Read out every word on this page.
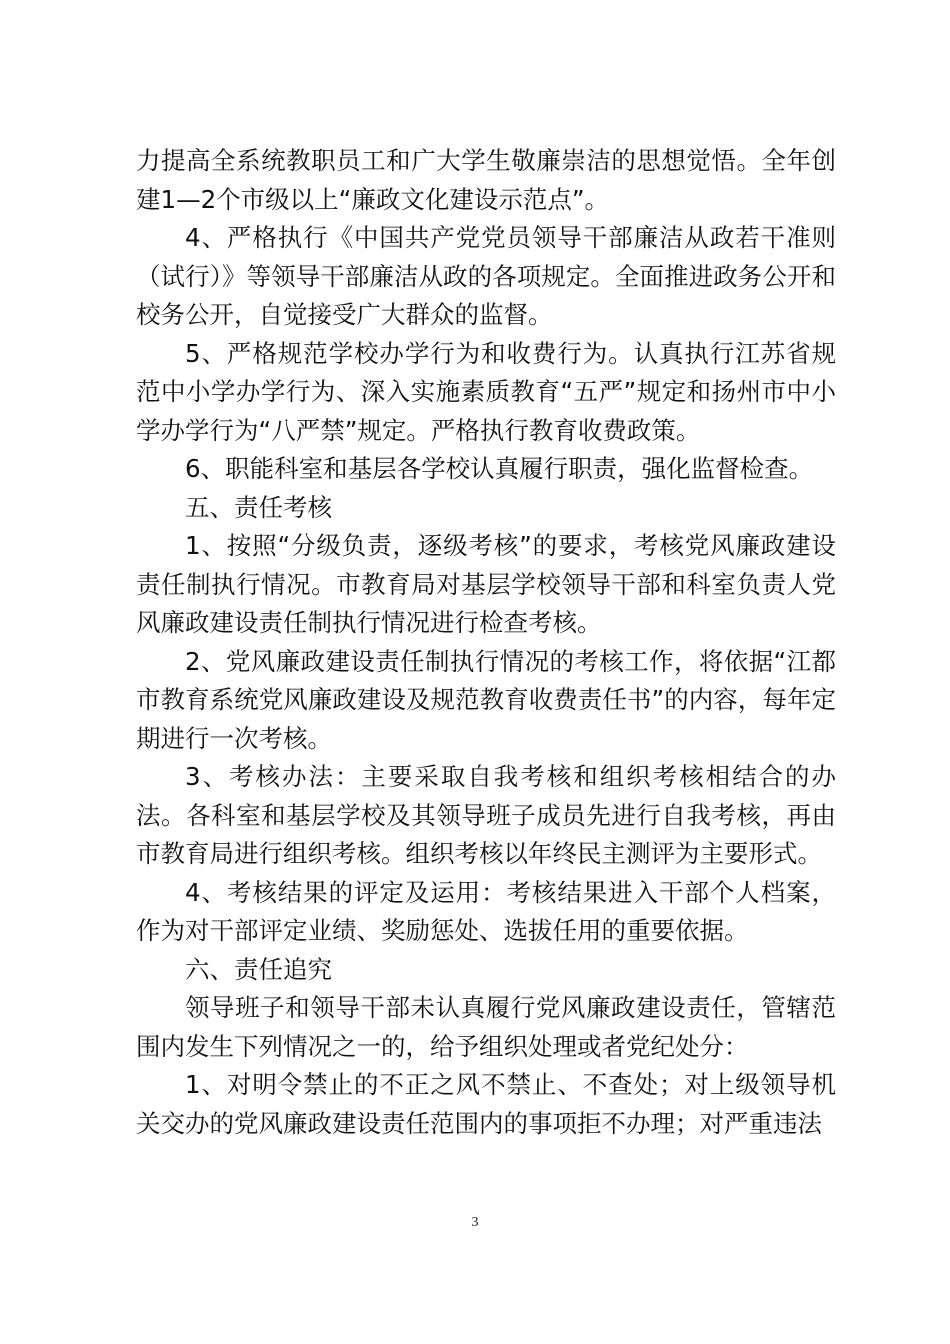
力提高全系统教职员工和广大学生敬廉崇洁的思想觉悟。全年创建1—2个市级以上“廉政文化建设示范点”。

4、严格执行《中国共产党党员领导干部廉洁从政若干准则（试行）》等领导干部廉洁从政的各项规定。全面推进政务公开和校务公开，自觉接受广大群众的监督。

5、严格规范学校办学行为和收费行为。认真执行江苏省规范中小学办学行为、深入实施素质教育“五严”规定和扬州市中小学办学行为“八严禁”规定。严格执行教育收费政策。

6、职能科室和基层各学校认真履行职责，强化监督检查。

五、责任考核

1、按照“分级负责，逐级考核”的要求，考核党风廉政建设责任制执行情况。市教育局对基层学校领导干部和科室负责人党风廉政建设责任制执行情况进行检查考核。

2、党风廉政建设责任制执行情况的考核工作，将依据“江都市教育系统党风廉政建设及规范教育收费责任书”的内容，每年定期进行一次考核。

3、考核办法：主要采取自我考核和组织考核相结合的办法。各科室和基层学校及其领导班子成员先进行自我考核，再由市教育局进行组织考核。组织考核以年终民主测评为主要形式。

4、考核结果的评定及运用：考核结果进入干部个人档案，作为对干部评定业绩、奖励惩处、选拔任用的重要依据。

六、责任追究

领导班子和领导干部未认真履行党风廉政建设责任，管辖范围内发生下列情况之一的，给予组织处理或者党纪处分：

1、对明令禁止的不正之风不禁止、不查处；对上级领导机关交办的党风廉政建设责任范围内的事项拒不办理；对严重违法

3
